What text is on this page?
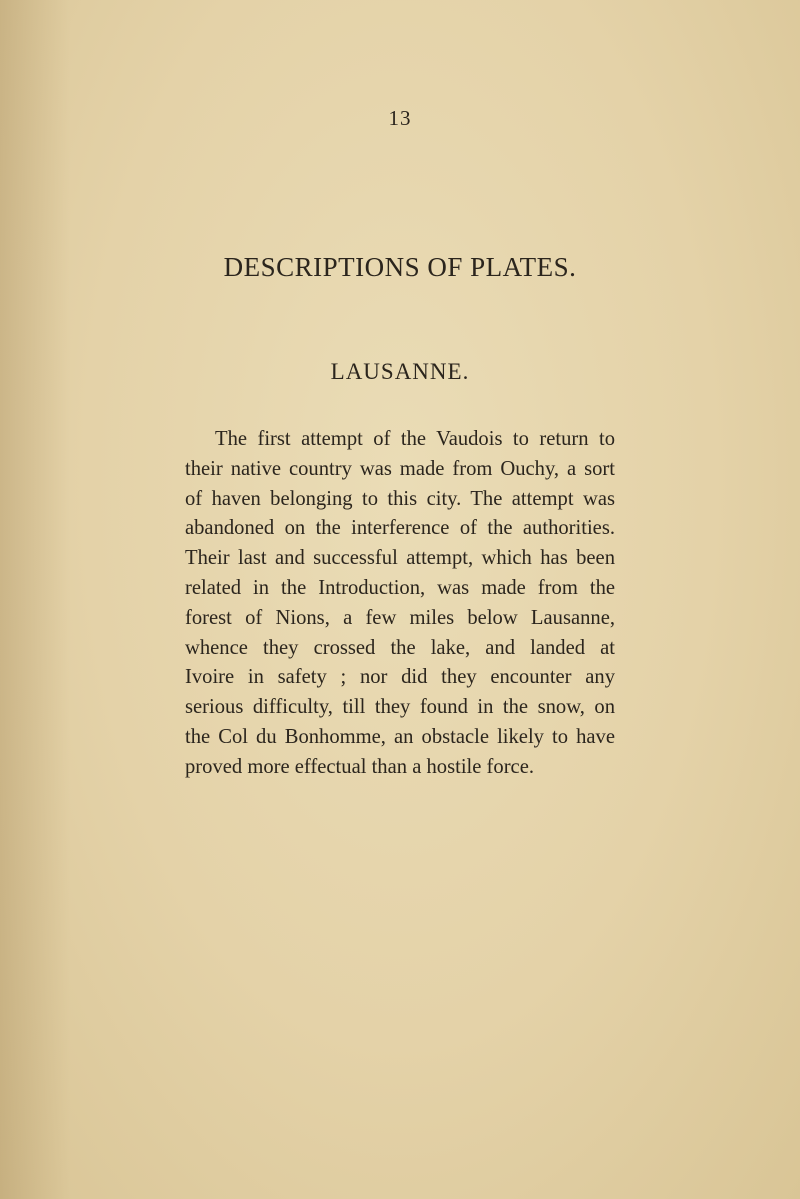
13
DESCRIPTIONS OF PLATES.
LAUSANNE.
The first attempt of the Vaudois to return to
their native country was made from Ouchy, a sort
of haven belonging to this city. The attempt was
abandoned on the interference of the authorities.
Their last and successful attempt, which has been
related in the Introduction, was made from the
forest of Nions, a few miles below Lausanne,
whence they crossed the lake, and landed at
Ivoire in safety ; nor did they encounter any
serious difficulty, till they found in the snow, on
the Col du Bonhomme, an obstacle likely to have
proved more effectual than a hostile force.
